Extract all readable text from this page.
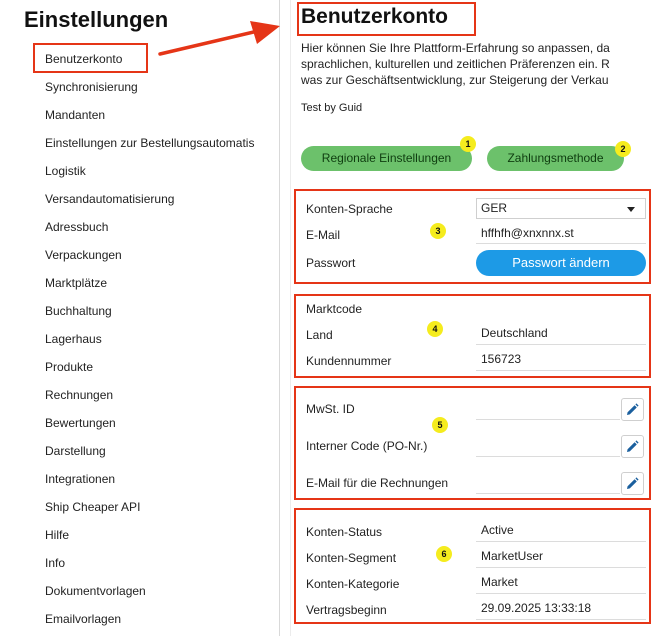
Einstellungen
Benutzerkonto
Synchronisierung
Mandanten
Einstellungen zur Bestellungsautomatis
Logistik
Versandautomatisierung
Adressbuch
Verpackungen
Marktplätze
Buchhaltung
Lagerhaus
Produkte
Rechnungen
Bewertungen
Darstellung
Integrationen
Ship Cheaper API
Hilfe
Info
Dokumentvorlagen
Emailvorlagen
Benutzerkonto
Hier können Sie Ihre Plattform-Erfahrung so anpassen, da
sprachlichen, kulturellen und zeitlichen Präferenzen ein. R
was zur Geschäftsentwicklung, zur Steigerung der Verkau
Test by Guid
Regionale Einstellungen	Zahlungsmethode
1	2
Konten-Sprache	GER
E-Mail	hffhfh@xnxnnx.st
Passwort	Passwort ändern
3
Marktcode
Land	Deutschland
Kundennummer	156723
4
MwSt. ID
Interner Code (PO-Nr.)
E-Mail für die Rechnungen
5
Konten-Status	Active
Konten-Segment	MarketUser
Konten-Kategorie	Market
Vertragsbeginn	29.09.2025 13:33:18
6
